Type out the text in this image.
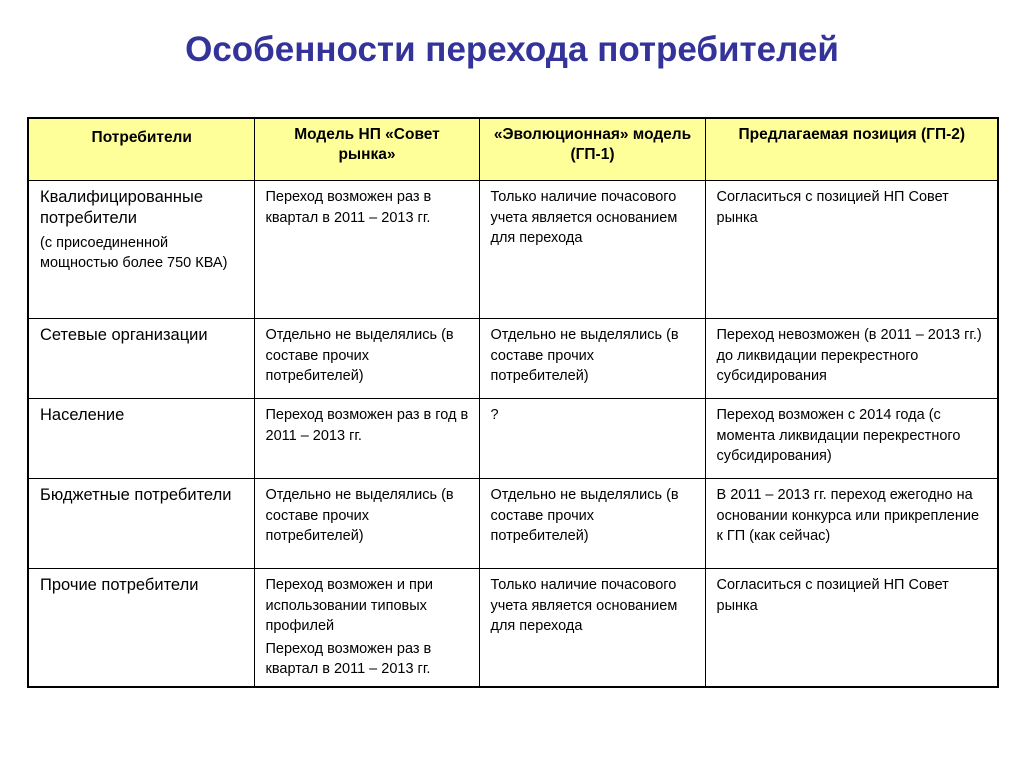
Особенности перехода потребителей
Потребители	Модель НП «Совет рынка»	«Эволюционная» модель (ГП-1)	Предлагаемая позиция (ГП-2)

Квалифицированные потребители
(с присоединенной мощностью более 750 КВА)	Переход возможен раз в квартал в 2011 – 2013 гг.	Только наличие почасового учета является основанием для перехода	Согласиться с позицией НП Совет рынка

Сетевые организации	Отдельно не выделялись (в составе прочих потребителей)	Отдельно не выделялись (в составе прочих потребителей)	Переход невозможен (в 2011 – 2013 гг.) до ликвидации перекрестного субсидирования

Население	Переход возможен раз в год в 2011 – 2013 гг.	?	Переход возможен с 2014 года (с момента ликвидации перекрестного субсидирования)

Бюджетные потребители	Отдельно не выделялись (в составе прочих потребителей)	Отдельно не выделялись (в составе прочих потребителей)	В 2011 – 2013 гг. переход ежегодно на основании конкурса или прикрепление к ГП (как сейчас)

Прочие потребители	Переход возможен и при использовании типовых профилей
Переход возможен раз в квартал в 2011 – 2013 гг.	Только наличие почасового учета является основанием для перехода	Согласиться с позицией НП Совет рынка
